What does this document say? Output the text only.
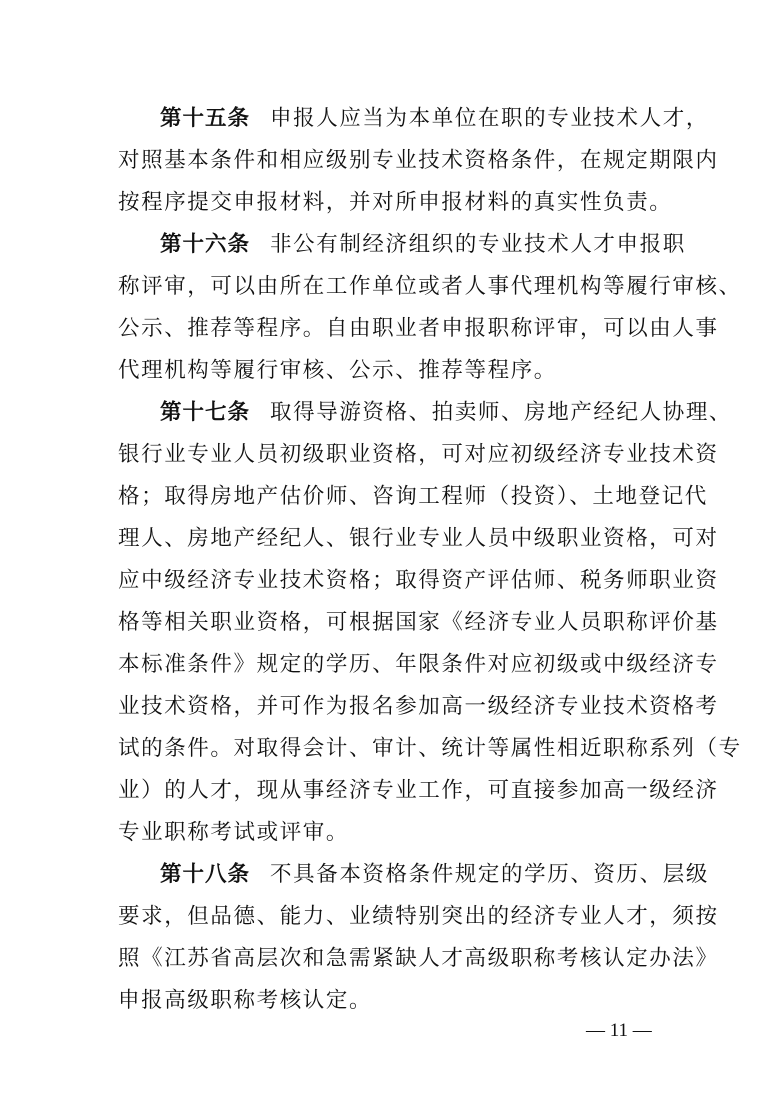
第十五条 申报人应当为本单位在职的专业技术人才，
对照基本条件和相应级别专业技术资格条件，在规定期限内
按程序提交申报材料，并对所申报材料的真实性负责。
第十六条 非公有制经济组织的专业技术人才申报职
称评审，可以由所在工作单位或者人事代理机构等履行审核、
公示、推荐等程序。自由职业者申报职称评审，可以由人事
代理机构等履行审核、公示、推荐等程序。
第十七条 取得导游资格、拍卖师、房地产经纪人协理、
银行业专业人员初级职业资格，可对应初级经济专业技术资
格；取得房地产估价师、咨询工程师（投资）、土地登记代
理人、房地产经纪人、银行业专业人员中级职业资格，可对
应中级经济专业技术资格；取得资产评估师、税务师职业资
格等相关职业资格，可根据国家《经济专业人员职称评价基
本标准条件》规定的学历、年限条件对应初级或中级经济专
业技术资格，并可作为报名参加高一级经济专业技术资格考
试的条件。对取得会计、审计、统计等属性相近职称系列（专
业）的人才，现从事经济专业工作，可直接参加高一级经济
专业职称考试或评审。
第十八条 不具备本资格条件规定的学历、资历、层级
要求，但品德、能力、业绩特别突出的经济专业人才，须按
照《江苏省高层次和急需紧缺人才高级职称考核认定办法》
申报高级职称考核认定。
— 11 —
